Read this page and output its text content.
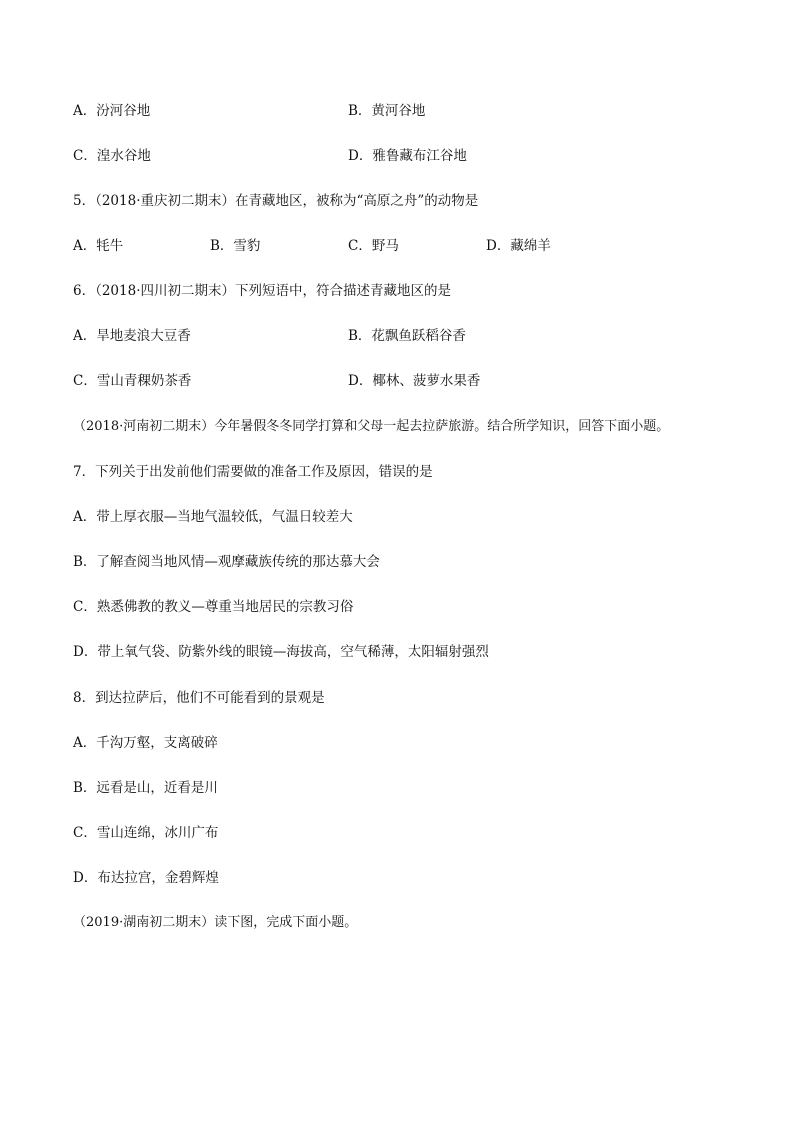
A．汾河谷地	B．黄河谷地
C．湟水谷地	D．雅鲁藏布江谷地
5．（2018·重庆初二期末）在青藏地区，被称为“高原之舟”的动物是
A．牦牛	B．雪豹	C．野马	D．藏绵羊
6．（2018·四川初二期末）下列短语中，符合描述青藏地区的是
A．旱地麦浪大豆香	B．花飘鱼跃稻谷香
C．雪山青稞奶茶香	D．椰林、菠萝水果香
（2018·河南初二期末）今年暑假冬冬同学打算和父母一起去拉萨旅游。结合所学知识，回答下面小题。
7．下列关于出发前他们需要做的准备工作及原因，错误的是
A．带上厚衣服—当地气温较低，气温日较差大
B．了解查阅当地风情—观摩藏族传统的那达慕大会
C．熟悉佛教的教义—尊重当地居民的宗教习俗
D．带上氧气袋、防紫外线的眼镜—海拔高，空气稀薄，太阳辐射强烈
8．到达拉萨后，他们不可能看到的景观是
A．千沟万壑，支离破碎
B．远看是山，近看是川
C．雪山连绵，冰川广布
D．布达拉宫，金碧辉煌
（2019·湖南初二期末）读下图，完成下面小题。
